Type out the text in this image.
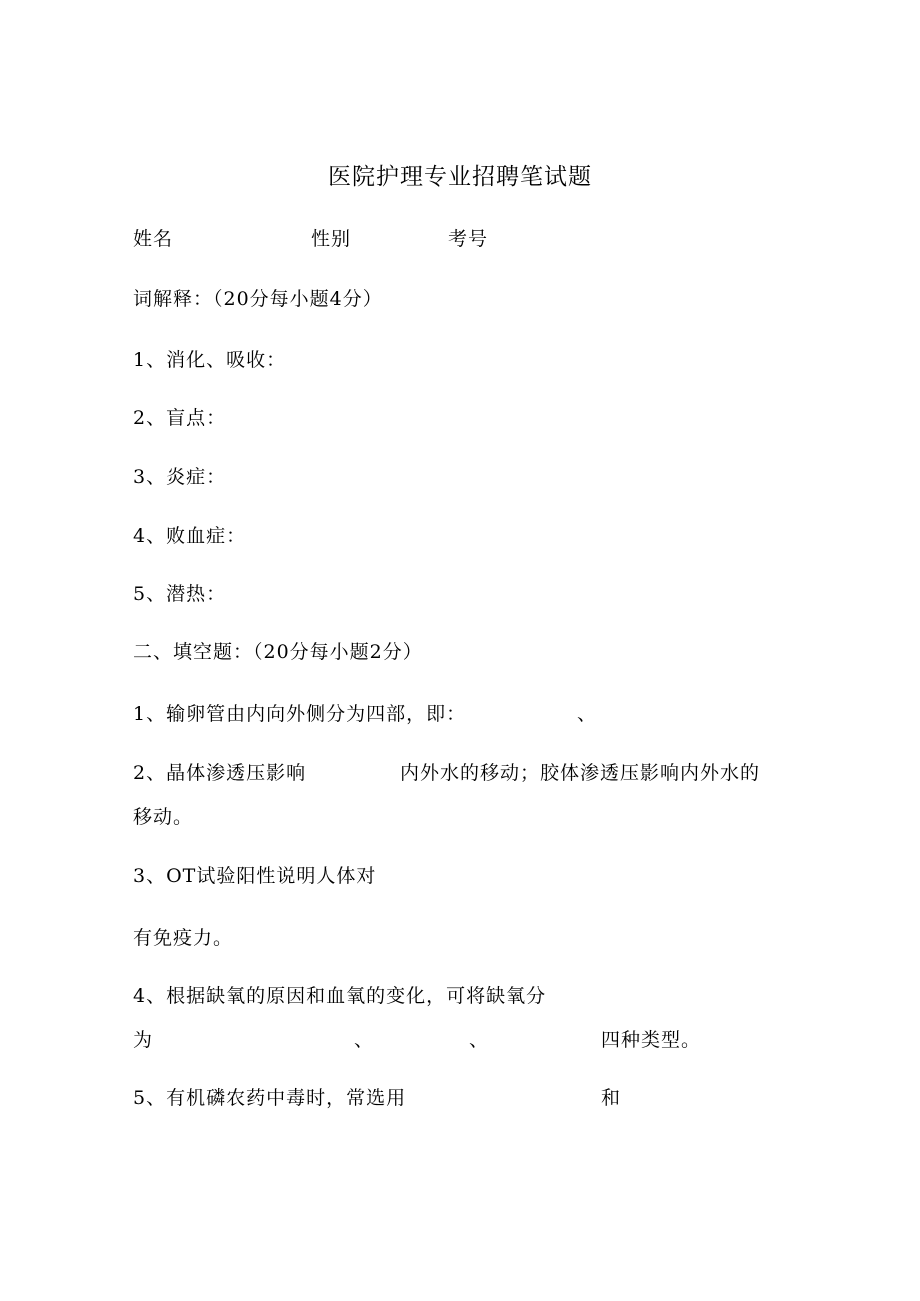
医院护理专业招聘笔试题
姓名	性别	考号
词解释：（20分每小题4分）
1、消化、吸收：
2、盲点：
3、炎症：
4、败血症：
5、潜热：
二、填空题：（20分每小题2分）
1、输卵管由内向外侧分为四部，即：	、
2、晶体渗透压影响	内外水的移动；胶体渗透压影响内外水的
移动。
3、OT试验阳性说明人体对
有免疫力。
4、根据缺氧的原因和血氧的变化，可将缺氧分
为	、	、	四种类型。
5、有机磷农药中毒时，常选用	和
